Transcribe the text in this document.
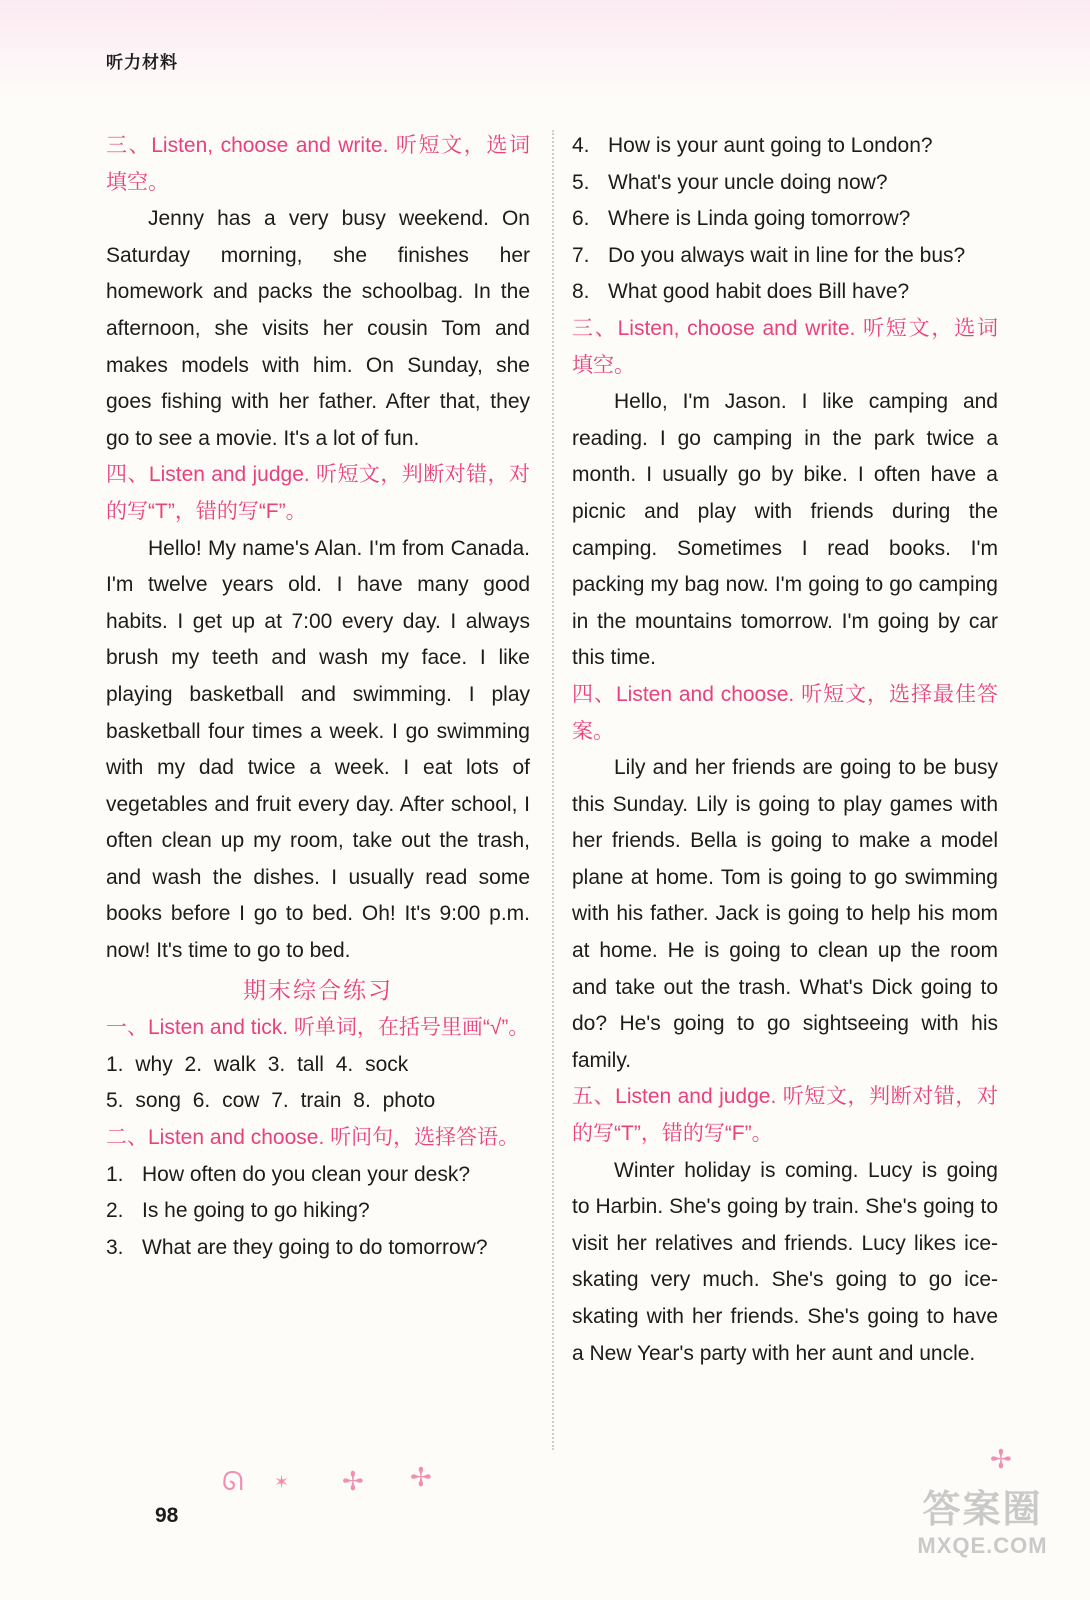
听力材料
三、Listen, choose and write. 听短文，选词填空。

Jenny has a very busy weekend. On Saturday morning, she finishes her homework and packs the schoolbag. In the afternoon, she visits her cousin Tom and makes models with him. On Sunday, she goes fishing with her father. After that, they go to see a movie. It's a lot of fun.

四、Listen and judge. 听短文，判断对错，对的写“T”，错的写“F”。

Hello! My name's Alan. I'm from Canada. I'm twelve years old. I have many good habits. I get up at 7:00 every day. I always brush my teeth and wash my face. I like playing basketball and swimming. I play basketball four times a week. I go swimming with my dad twice a week. I eat lots of vegetables and fruit every day. After school, I often clean up my room, take out the trash, and wash the dishes. I usually read some books before I go to bed. Oh! It's 9:00 p.m. now! It's time to go to bed.

期末综合练习
一、Listen and tick. 听单词，在括号里画“√”。
1. why 2. walk 3. tall 4. sock
5. song 6. cow 7. train 8. photo
二、Listen and choose. 听问句，选择答语。
1. How often do you clean your desk?
2. Is he going to go hiking?
3. What are they going to do tomorrow?
4. How is your aunt going to London?
5. What's your uncle doing now?
6. Where is Linda going tomorrow?
7. Do you always wait in line for the bus?
8. What good habit does Bill have?
三、Listen, choose and write. 听短文，选词填空。

Hello, I'm Jason. I like camping and reading. I go camping in the park twice a month. I usually go by bike. I often have a picnic and play with friends during the camping. Sometimes I read books. I'm packing my bag now. I'm going to go camping in the mountains tomorrow. I'm going by car this time.

四、Listen and choose. 听短文，选择最佳答案。

Lily and her friends are going to be busy this Sunday. Lily is going to play games with her friends. Bella is going to make a model plane at home. Tom is going to go swimming with his father. Jack is going to help his mom at home. He is going to clean up the room and take out the trash. What's Dick going to do? He's going to go sightseeing with his family.

五、Listen and judge. 听短文，判断对错，对的写“T”，错的写“F”。

Winter holiday is coming. Lucy is going to Harbin. She's going by train. She's going to visit her relatives and friends. Lucy likes ice-skating very much. She's going to go ice-skating with her friends. She's going to have a New Year's party with her aunt and uncle.

ᘏ ✶ ✢ ✢
✢
98	答案圈
MXQE.COM
